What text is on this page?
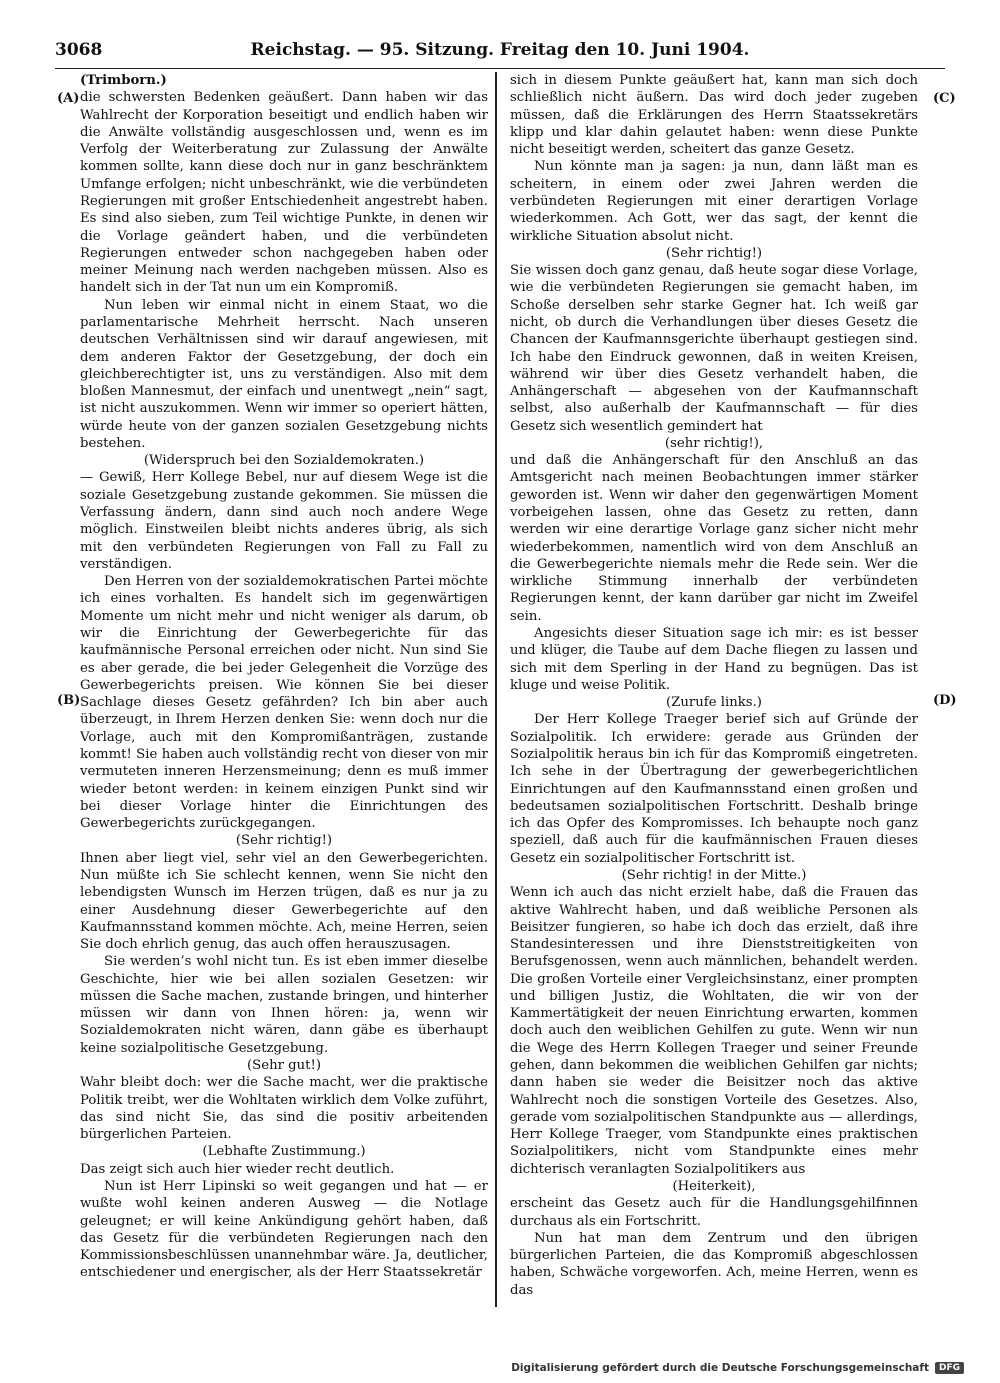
3068	Reichstag. — 95. Sitzung. Freitag den 10. Juni 1904.
(A)
(B)
(C)
(D)

(Trimborn.)

die schwersten Bedenken geäußert. Dann haben wir das Wahlrecht der Korporation beseitigt und endlich haben wir die Anwälte vollständig ausgeschlossen und, wenn es im Verfolg der Weiterberatung zur Zulassung der Anwälte kommen sollte, kann diese doch nur in ganz beschränktem Umfange erfolgen; nicht unbeschränkt, wie die verbündeten Regierungen mit großer Entschiedenheit angestrebt haben. Es sind also sieben, zum Teil wichtige Punkte, in denen wir die Vorlage geändert haben, und die verbündeten Regierungen entweder schon nachgegeben haben oder meiner Meinung nach werden nachgeben müssen. Also es handelt sich in der Tat nun um ein Kompromiß.

Nun leben wir einmal nicht in einem Staat, wo die parlamentarische Mehrheit herrscht. Nach unseren deutschen Verhältnissen sind wir darauf angewiesen, mit dem anderen Faktor der Gesetzgebung, der doch ein gleichberechtigter ist, uns zu verständigen. Also mit dem bloßen Mannesmut, der einfach und unentwegt „nein“ sagt, ist nicht auszukommen. Wenn wir immer so operiert hätten, würde heute von der ganzen sozialen Gesetzgebung nichts bestehen.

(Widerspruch bei den Sozialdemokraten.)

— Gewiß, Herr Kollege Bebel, nur auf diesem Wege ist die soziale Gesetzgebung zustande gekommen. Sie müssen die Verfassung ändern, dann sind auch noch andere Wege möglich. Einstweilen bleibt nichts anderes übrig, als sich mit den verbündeten Regierungen von Fall zu Fall zu verständigen.

Den Herren von der sozialdemokratischen Partei möchte ich eines vorhalten. Es handelt sich im gegenwärtigen Momente um nicht mehr und nicht weniger als darum, ob wir die Einrichtung der Gewerbegerichte für das kaufmännische Personal erreichen oder nicht. Nun sind Sie es aber gerade, die bei jeder Gelegenheit die Vorzüge des Gewerbegerichts preisen. Wie können Sie bei dieser Sachlage dieses Gesetz gefährden? Ich bin aber auch überzeugt, in Ihrem Herzen denken Sie: wenn doch nur die Vorlage, auch mit den Kompromißanträgen, zustande kommt! Sie haben auch vollständig recht von dieser von mir vermuteten inneren Herzensmeinung; denn es muß immer wieder betont werden: in keinem einzigen Punkt sind wir bei dieser Vorlage hinter die Einrichtungen des Gewerbegerichts zurückgegangen.

(Sehr richtig!)

Ihnen aber liegt viel, sehr viel an den Gewerbegerichten. Nun müßte ich Sie schlecht kennen, wenn Sie nicht den lebendigsten Wunsch im Herzen trügen, daß es nur ja zu einer Ausdehnung dieser Gewerbegerichte auf den Kaufmannsstand kommen möchte. Ach, meine Herren, seien Sie doch ehrlich genug, das auch offen herauszusagen.

Sie werden’s wohl nicht tun. Es ist eben immer dieselbe Geschichte, hier wie bei allen sozialen Gesetzen: wir müssen die Sache machen, zustande bringen, und hinterher müssen wir dann von Ihnen hören: ja, wenn wir Sozialdemokraten nicht wären, dann gäbe es überhaupt keine sozialpolitische Gesetzgebung.

(Sehr gut!)

Wahr bleibt doch: wer die Sache macht, wer die praktische Politik treibt, wer die Wohltaten wirklich dem Volke zuführt, das sind nicht Sie, das sind die positiv arbeitenden bürgerlichen Parteien.

(Lebhafte Zustimmung.)

Das zeigt sich auch hier wieder recht deutlich.

Nun ist Herr Lipinski so weit gegangen und hat — er wußte wohl keinen anderen Ausweg — die Notlage geleugnet; er will keine Ankündigung gehört haben, daß das Gesetz für die verbündeten Regierungen nach den Kommissionsbeschlüssen unannehmbar wäre. Ja, deutlicher, entschiedener und energischer, als der Herr Staatssekretär

sich in diesem Punkte geäußert hat, kann man sich doch schließlich nicht äußern. Das wird doch jeder zugeben müssen, daß die Erklärungen des Herrn Staatssekretärs klipp und klar dahin gelautet haben: wenn diese Punkte nicht beseitigt werden, scheitert das ganze Gesetz.

Nun könnte man ja sagen: ja nun, dann läßt man es scheitern, in einem oder zwei Jahren werden die verbündeten Regierungen mit einer derartigen Vorlage wiederkommen. Ach Gott, wer das sagt, der kennt die wirkliche Situation absolut nicht.

(Sehr richtig!)

Sie wissen doch ganz genau, daß heute sogar diese Vorlage, wie die verbündeten Regierungen sie gemacht haben, im Schoße derselben sehr starke Gegner hat. Ich weiß gar nicht, ob durch die Verhandlungen über dieses Gesetz die Chancen der Kaufmannsgerichte überhaupt gestiegen sind. Ich habe den Eindruck gewonnen, daß in weiten Kreisen, während wir über dies Gesetz verhandelt haben, die Anhängerschaft — abgesehen von der Kaufmannschaft selbst, also außerhalb der Kaufmannschaft — für dies Gesetz sich wesentlich gemindert hat

(sehr richtig!),

und daß die Anhängerschaft für den Anschluß an das Amtsgericht nach meinen Beobachtungen immer stärker geworden ist. Wenn wir daher den gegenwärtigen Moment vorbeigehen lassen, ohne das Gesetz zu retten, dann werden wir eine derartige Vorlage ganz sicher nicht mehr wiederbekommen, namentlich wird von dem Anschluß an die Gewerbegerichte niemals mehr die Rede sein. Wer die wirkliche Stimmung innerhalb der verbündeten Regierungen kennt, der kann darüber gar nicht im Zweifel sein.

Angesichts dieser Situation sage ich mir: es ist besser und klüger, die Taube auf dem Dache fliegen zu lassen und sich mit dem Sperling in der Hand zu begnügen. Das ist kluge und weise Politik.

(Zurufe links.)

Der Herr Kollege Traeger berief sich auf Gründe der Sozialpolitik. Ich erwidere: gerade aus Gründen der Sozialpolitik heraus bin ich für das Kompromiß eingetreten. Ich sehe in der Übertragung der gewerbegerichtlichen Einrichtungen auf den Kaufmannsstand einen großen und bedeutsamen sozialpolitischen Fortschritt. Deshalb bringe ich das Opfer des Kompromisses. Ich behaupte noch ganz speziell, daß auch für die kaufmännischen Frauen dieses Gesetz ein sozialpolitischer Fortschritt ist.

(Sehr richtig! in der Mitte.)

Wenn ich auch das nicht erzielt habe, daß die Frauen das aktive Wahlrecht haben, und daß weibliche Personen als Beisitzer fungieren, so habe ich doch das erzielt, daß ihre Standesinteressen und ihre Dienststreitigkeiten von Berufsgenossen, wenn auch männlichen, behandelt werden. Die großen Vorteile einer Vergleichsinstanz, einer prompten und billigen Justiz, die Wohltaten, die wir von der Kammertätigkeit der neuen Einrichtung erwarten, kommen doch auch den weiblichen Gehilfen zu gute. Wenn wir nun die Wege des Herrn Kollegen Traeger und seiner Freunde gehen, dann bekommen die weiblichen Gehilfen gar nichts; dann haben sie weder die Beisitzer noch das aktive Wahlrecht noch die sonstigen Vorteile des Gesetzes. Also, gerade vom sozialpolitischen Standpunkte aus — allerdings, Herr Kollege Traeger, vom Standpunkte eines praktischen Sozialpolitikers, nicht vom Standpunkte eines mehr dichterisch veranlagten Sozialpolitikers aus

(Heiterkeit),

erscheint das Gesetz auch für die Handlungsgehilfinnen durchaus als ein Fortschritt.

Nun hat man dem Zentrum und den übrigen bürgerlichen Parteien, die das Kompromiß abgeschlossen haben, Schwäche vorgeworfen. Ach, meine Herren, wenn es das

Digitalisierung gefördert durch die Deutsche Forschungsgemeinschaft	DFG
